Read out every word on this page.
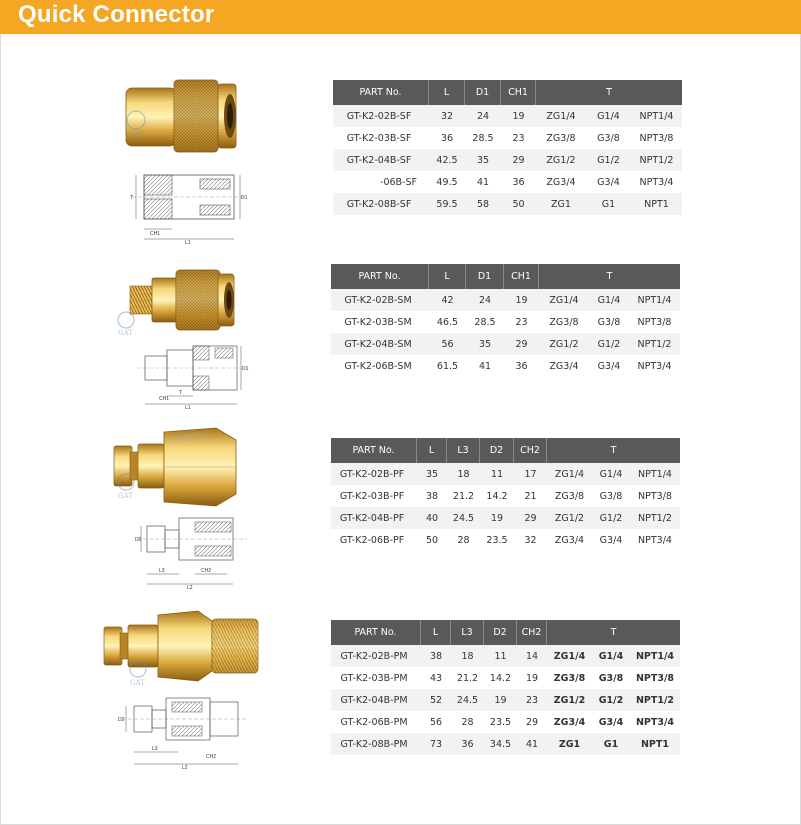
Quick Connector
GAT
T	D1
CH1
L1
PART No.	L	D1	CH1	T		
GT-K2-02B-SF	32	24	19	ZG1/4	G1/4	NPT1/4
GT-K2-03B-SF	36	28.5	23	ZG3/8	G3/8	NPT3/8
GT-K2-04B-SF	42.5	35	29	ZG1/2	G1/2	NPT1/2
-06B-SF	49.5	41	36	ZG3/4	G3/4	NPT3/4
GT-K2-08B-SF	59.5	58	50	ZG1	G1	NPT1
GAT
D1
CH1
T
L1
PART No.	L	D1	CH1	T		
GT-K2-02B-SM	42	24	19	ZG1/4	G1/4	NPT1/4
GT-K2-03B-SM	46.5	28.5	23	ZG3/8	G3/8	NPT3/8
GT-K2-04B-SM	56	35	29	ZG1/2	G1/2	NPT1/2
GT-K2-06B-SM	61.5	41	36	ZG3/4	G3/4	NPT3/4
GAT
hygate.c
D2
L3	CH2
L2
PART No.	L	L3	D2	CH2	T		
GT-K2-02B-PF	35	18	11	17	ZG1/4	G1/4	NPT1/4
GT-K2-03B-PF	38	21.2	14.2	21	ZG3/8	G3/8	NPT3/8
GT-K2-04B-PF	40	24.5	19	29	ZG1/2	G1/2	NPT1/2
GT-K2-06B-PF	50	28	23.5	32	ZG3/4	G3/4	NPT3/4
GAT
D2
L3
CH2
L2
PART No.	L	L3	D2	CH2	T		
GT-K2-02B-PM	38	18	11	14	ZG1/4	G1/4	NPT1/4
GT-K2-03B-PM	43	21.2	14.2	19	ZG3/8	G3/8	NPT3/8
GT-K2-04B-PM	52	24.5	19	23	ZG1/2	G1/2	NPT1/2
GT-K2-06B-PM	56	28	23.5	29	ZG3/4	G3/4	NPT3/4
GT-K2-08B-PM	73	36	34.5	41	ZG1	G1	NPT1
